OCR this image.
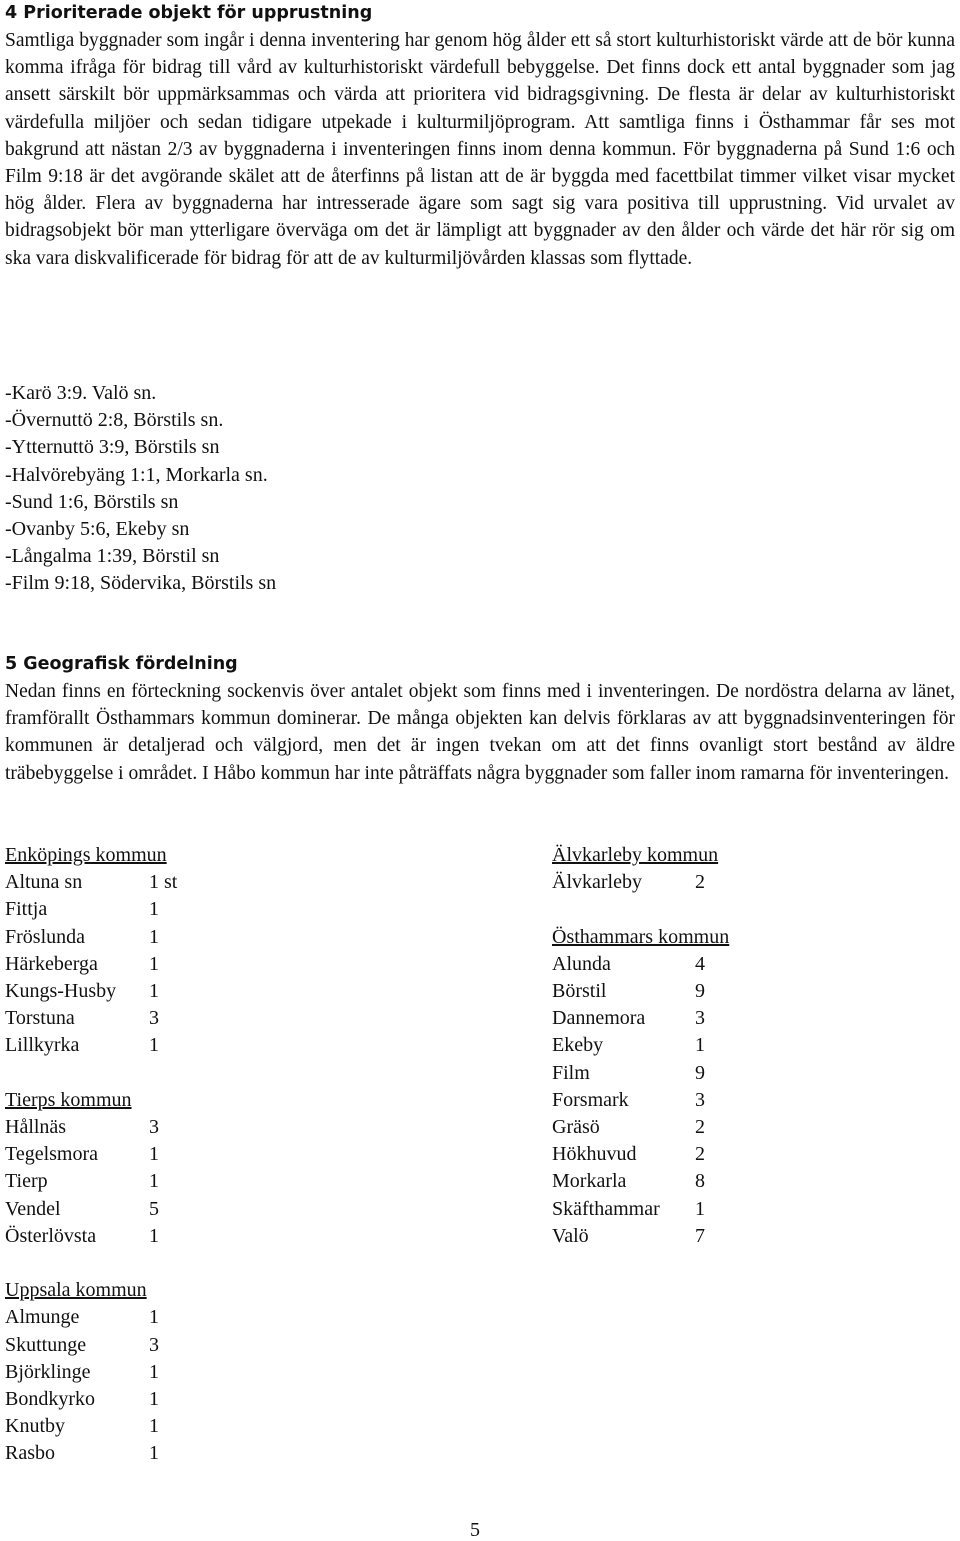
4 Prioriterade objekt för upprustning

Samtliga byggnader som ingår i denna inventering har genom hög ålder ett så stort kulturhistoriskt värde att de bör kunna komma ifråga för bidrag till vård av kulturhistoriskt värdefull bebyggelse. Det finns dock ett antal byggnader som jag ansett särskilt bör uppmärksammas och värda att prioritera vid bidragsgivning. De flesta är delar av kulturhistoriskt värdefulla miljöer och sedan tidigare utpekade i kulturmiljöprogram. Att samtliga finns i Östhammar får ses mot bakgrund att nästan 2/3 av byggnaderna i inventeringen finns inom denna kommun. För byggnaderna på Sund 1:6 och Film 9:18 är det avgörande skälet att de återfinns på listan att de är byggda med facettbilat timmer vilket visar mycket hög ålder. Flera av byggnaderna har intresserade ägare som sagt sig vara positiva till upprustning. Vid urvalet av bidragsobjekt bör man ytterligare överväga om det är lämpligt att byggnader av den ålder och värde det här rör sig om ska vara diskvalificerade för bidrag för att de av kulturmiljövården klassas som flyttade.

-Karö 3:9. Valö sn.
-Övernuttö 2:8, Börstils sn.
-Ytternuttö 3:9, Börstils sn
-Halvörebyäng 1:1, Morkarla sn.
-Sund 1:6, Börstils sn
-Ovanby 5:6, Ekeby sn
-Långalma 1:39, Börstil sn
-Film 9:18, Södervika, Börstils sn
5 Geografisk fördelning

Nedan finns en förteckning sockenvis över antalet objekt som finns med i inventeringen. De nordöstra delarna av länet, framförallt Östhammars kommun dominerar. De många objekten kan delvis förklaras av att byggnadsinventeringen för kommunen är detaljerad och välgjord, men det är ingen tvekan om att det finns ovanligt stort bestånd av äldre träbebyggelse i området. I Håbo kommun har inte påträffats några byggnader som faller inom ramarna för inventeringen.

Enköpings kommun
Altuna sn	1 st
Fittja	1
Fröslunda	1
Härkeberga	1
Kungs-Husby	1
Torstuna	3
Lillkyrka	1
Tierps kommun
Hållnäs	3
Tegelsmora	1
Tierp	1
Vendel	5
Österlövsta	1
Uppsala kommun
Almunge	1
Skuttunge	3
Björklinge	1
Bondkyrko	1
Knutby	1
Rasbo	1
Älvkarleby kommun
Älvkarleby	2
Östhammars kommun
Alunda	4
Börstil	9
Dannemora	3
Ekeby	1
Film	9
Forsmark	3
Gräsö	2
Hökhuvud	2
Morkarla	8
Skäfthammar	1
Valö	7
5
